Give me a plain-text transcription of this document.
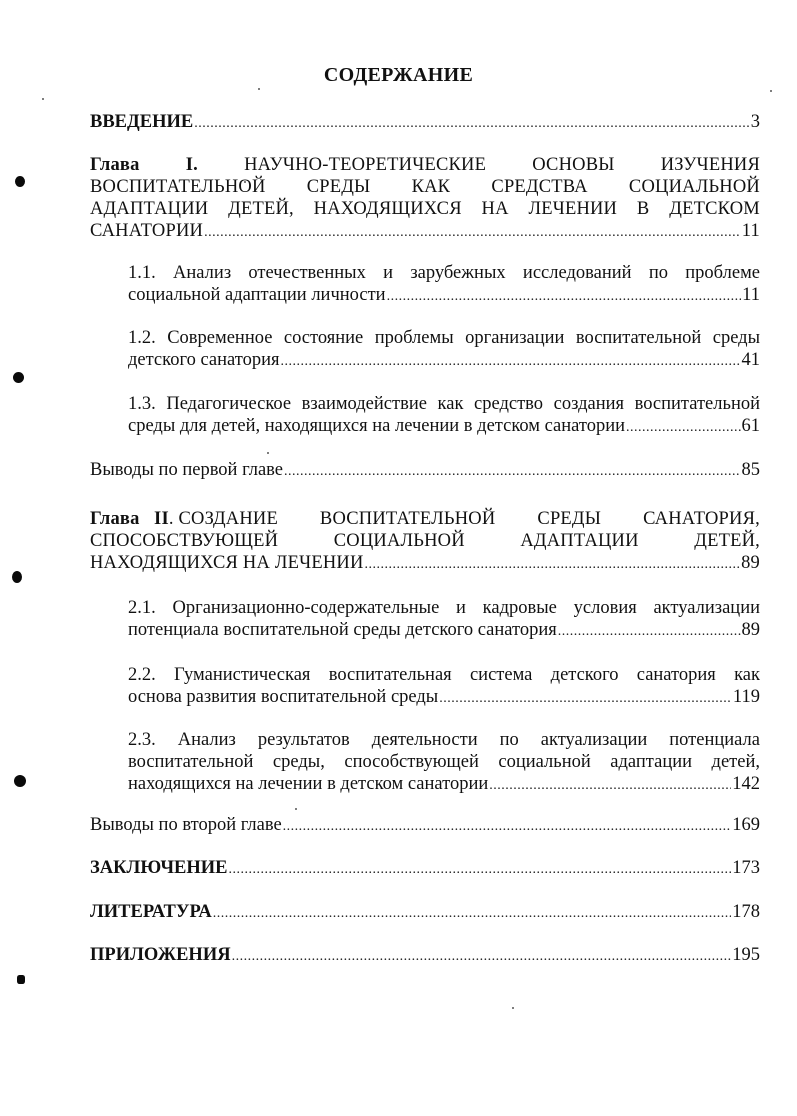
СОДЕРЖАНИЕ
ВВЕДЕНИЕ .....	3
Глава I. НАУЧНО-ТЕОРЕТИЧЕСКИЕ ОСНОВЫ ИЗУЧЕНИЯ
ВОСПИТАТЕЛЬНОЙ СРЕДЫ КАК СРЕДСТВА СОЦИАЛЬНОЙ
АДАПТАЦИИ ДЕТЕЙ, НАХОДЯЩИХСЯ НА ЛЕЧЕНИИ В ДЕТСКОМ
САНАТОРИИ .....	11
1.1. Анализ отечественных и зарубежных исследований по проблеме
социальной адаптации личности .....	11
1.2. Современное состояние проблемы организации воспитательной среды
детского санатория .....	41
1.3. Педагогическое взаимодействие как средство создания воспитательной
среды для детей, находящихся на лечении в детском санатории .....	61
Выводы по первой главе .....	85
Глава II. СОЗДАНИЕ ВОСПИТАТЕЛЬНОЙ СРЕДЫ САНАТОРИЯ,
СПОСОБСТВУЮЩЕЙ	СОЦИАЛЬНОЙ	АДАПТАЦИИ	ДЕТЕЙ,
НАХОДЯЩИХСЯ НА ЛЕЧЕНИИ .....	89
2.1. Организационно-содержательные и кадровые условия актуализации
потенциала воспитательной среды детского санатория .....	89
2.2. Гуманистическая воспитательная система детского санатория как
основа развития воспитательной среды .....	119
2.3. Анализ результатов деятельности по актуализации потенциала
воспитательной среды, способствующей социальной адаптации детей,
находящихся на лечении в детском санатории .....	142
Выводы по второй главе .....	169
ЗАКЛЮЧЕНИЕ .....	173
ЛИТЕРАТУРА .....	178
ПРИЛОЖЕНИЯ .....	195
